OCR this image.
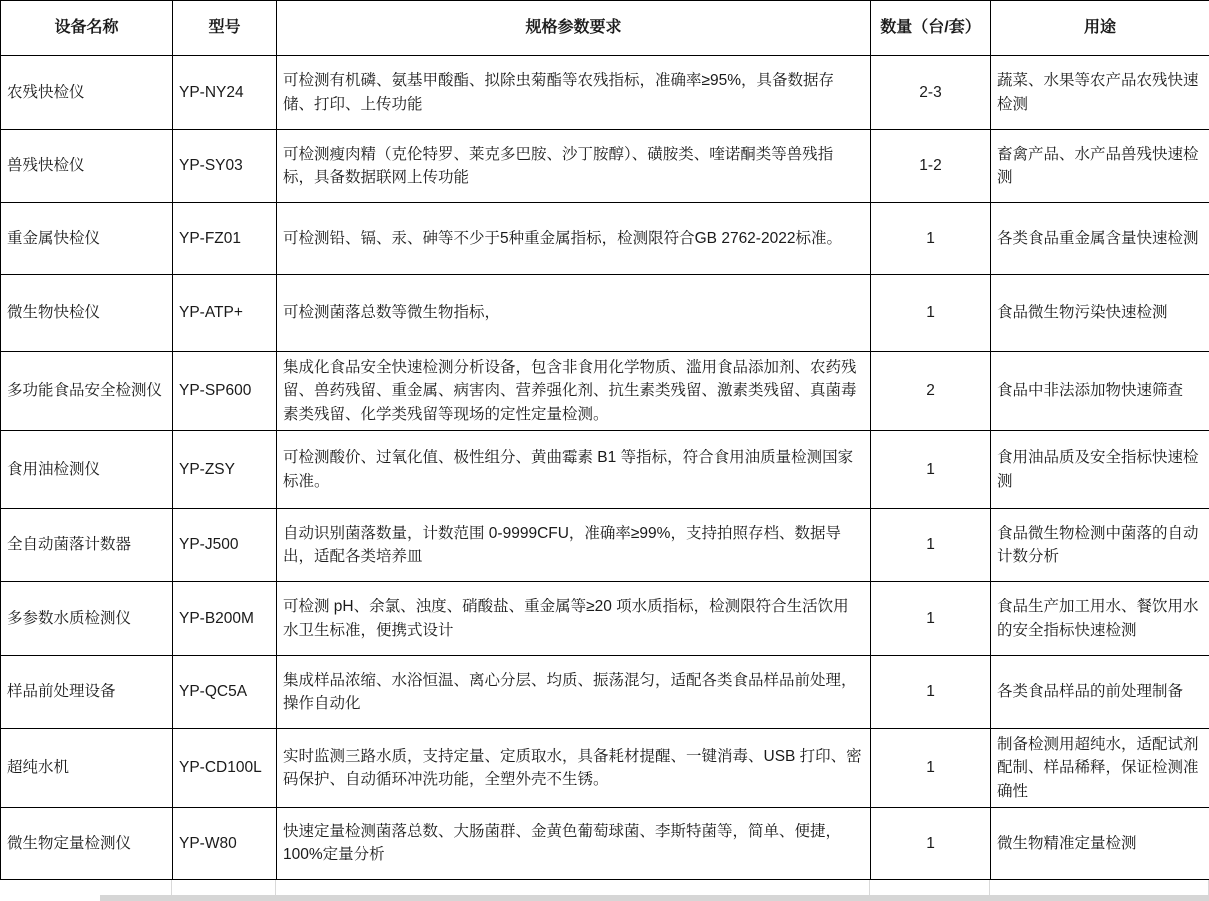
设备名称	型号	规格参数要求	数量（台/套）	用途
农残快检仪	YP-NY24	可检测有机磷、氨基甲酸酯、拟除虫菊酯等农残指标，准确率≥95%，具备数据存储、打印、上传功能	2-3	蔬菜、水果等农产品农残快速检测
兽残快检仪	YP-SY03	可检测瘦肉精（克伦特罗、莱克多巴胺、沙丁胺醇）、磺胺类、喹诺酮类等兽残指标，具备数据联网上传功能	1-2	畜禽产品、水产品兽残快速检测
重金属快检仪	YP-FZ01	可检测铅、镉、汞、砷等不少于5种重金属指标，检测限符合GB 2762-2022标准。	1	各类食品重金属含量快速检测
微生物快检仪	YP-ATP+	可检测菌落总数等微生物指标，	1	食品微生物污染快速检测
多功能食品安全检测仪	YP-SP600	集成化食品安全快速检测分析设备，包含非食用化学物质、滥用食品添加剂、农药残留、兽药残留、重金属、病害肉、营养强化剂、抗生素类残留、激素类残留、真菌毒素类残留、化学类残留等现场的定性定量检测。	2	食品中非法添加物快速筛查
食用油检测仪	YP-ZSY	可检测酸价、过氧化值、极性组分、黄曲霉素 B1 等指标，符合食用油质量检测国家标准。	1	食用油品质及安全指标快速检测
全自动菌落计数器	YP-J500	自动识别菌落数量，计数范围 0-9999CFU，准确率≥99%，支持拍照存档、数据导出，适配各类培养皿	1	食品微生物检测中菌落的自动计数分析
多参数水质检测仪	YP-B200M	可检测 pH、余氯、浊度、硝酸盐、重金属等≥20 项水质指标，检测限符合生活饮用水卫生标准，便携式设计	1	食品生产加工用水、餐饮用水的安全指标快速检测
样品前处理设备	YP-QC5A	集成样品浓缩、水浴恒温、离心分层、均质、振荡混匀，适配各类食品样品前处理，操作自动化	1	各类食品样品的前处理制备
超纯水机	YP-CD100L	实时监测三路水质，支持定量、定质取水，具备耗材提醒、一键消毒、USB 打印、密码保护、自动循环冲洗功能，全塑外壳不生锈。	1	制备检测用超纯水，适配试剂配制、样品稀释，保证检测准确性
微生物定量检测仪	YP-W80	快速定量检测菌落总数、大肠菌群、金黄色葡萄球菌、李斯特菌等，简单、便捷，100%定量分析	1	微生物精准定量检测
